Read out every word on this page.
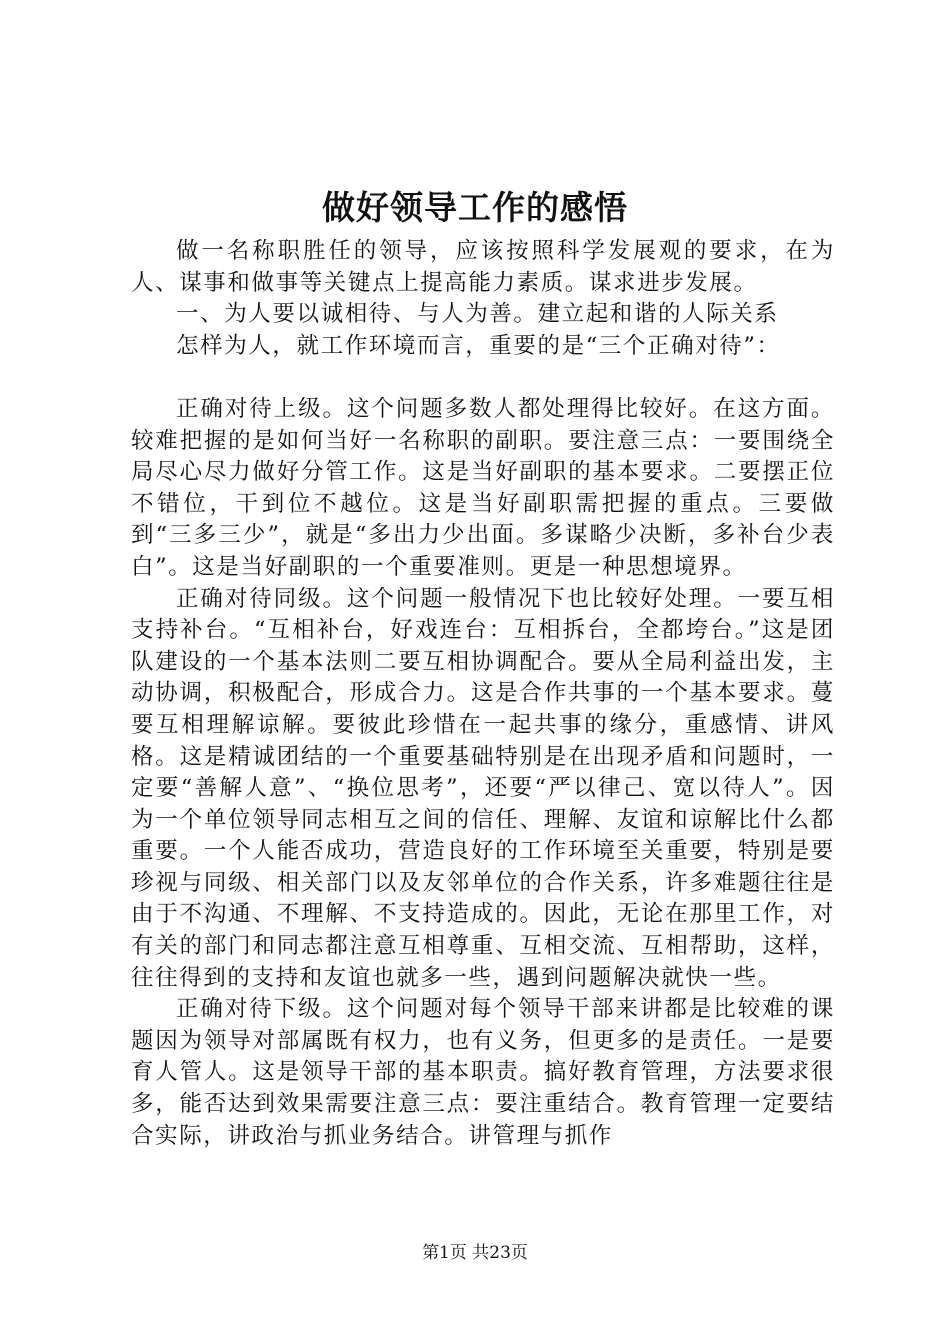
做好领导工作的感悟

做一名称职胜任的领导，应该按照科学发展观的要求，在为人、谋事和做事等关键点上提高能力素质。谋求进步发展。

一、为人要以诚相待、与人为善。建立起和谐的人际关系

怎样为人，就工作环境而言，重要的是“三个正确对待”：

正确对待上级。这个问题多数人都处理得比较好。在这方面。较难把握的是如何当好一名称职的副职。要注意三点：一要围绕全局尽心尽力做好分管工作。这是当好副职的基本要求。二要摆正位不错位，干到位不越位。这是当好副职需把握的重点。三要做到“三多三少”，就是“多出力少出面。多谋略少决断，多补台少表白”。这是当好副职的一个重要准则。更是一种思想境界。

正确对待同级。这个问题一般情况下也比较好处理。一要互相支持补台。“互相补台，好戏连台：互相拆台，全都垮台。”这是团队建设的一个基本法则二要互相协调配合。要从全局利益出发，主动协调，积极配合，形成合力。这是合作共事的一个基本要求。蔓要互相理解谅解。要彼此珍惜在一起共事的缘分，重感情、讲风格。这是精诚团结的一个重要基础特别是在出现矛盾和问题时，一定要“善解人意”、“换位思考”，还要“严以律己、宽以待人”。因为一个单位领导同志相互之间的信任、理解、友谊和谅解比什么都重要。一个人能否成功，营造良好的工作环境至关重要，特别是要珍视与同级、相关部门以及友邻单位的合作关系，许多难题往往是由于不沟通、不理解、不支持造成的。因此，无论在那里工作，对有关的部门和同志都注意互相尊重、互相交流、互相帮助，这样，往往得到的支持和友谊也就多一些，遇到问题解决就快一些。

正确对待下级。这个问题对每个领导干部来讲都是比较难的课题因为领导对部属既有权力，也有义务，但更多的是责任。一是要育人管人。这是领导干部的基本职责。搞好教育管理，方法要求很多，能否达到效果需要注意三点：要注重结合。教育管理一定要结合实际，讲政治与抓业务结合。讲管理与抓作

第1页 共23页
